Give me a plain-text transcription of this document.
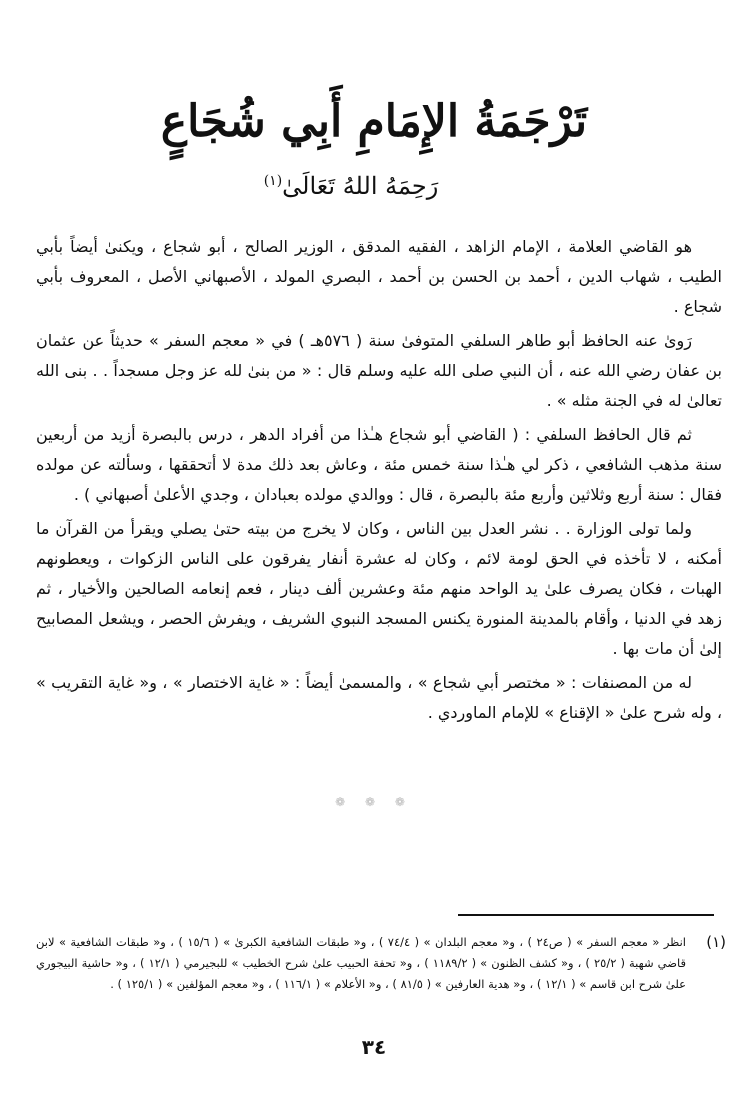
تَرْجَمَةُ الإِمَامِ أَبِي شُجَاعٍ
رَحِمَهُ اللهُ تَعَالَىٰ$^{(١)}$

هو القاضي العلامة ، الإمام الزاهد ، الفقيه المدقق ، الوزير الصالح ، أبو شجاع ، ويكنىٰ أيضاً بأبي الطيب ، شهاب الدين ، أحمد بن الحسن بن أحمد ، البصري المولد ، الأصبهاني الأصل ، المعروف بأبي شجاع .

رَوىٰ عنه الحافظ أبو طاهر السلفي المتوفىٰ سنة ( ٥٧٦هـ ) في « معجم السفر » حديثاً عن عثمان بن عفان رضي الله عنه ، أن النبي صلى الله عليه وسلم قال : « من بنىٰ لله عز وجل مسجداً . . بنى الله تعالىٰ له في الجنة مثله » .

ثم قال الحافظ السلفي : ( القاضي أبو شجاع هـٰذا من أفراد الدهر ، درس بالبصرة أزيد من أربعين سنة مذهب الشافعي ، ذكر لي هـٰذا سنة خمس مئة ، وعاش بعد ذلك مدة لا أتحققها ، وسألته عن مولده فقال : سنة أربع وثلاثين وأربع مئة بالبصرة ، قال : ووالدي مولده بعبادان ، وجدي الأعلىٰ أصبهاني ) .

ولما تولى الوزارة . . نشر العدل بين الناس ، وكان لا يخرج من بيته حتىٰ يصلي ويقرأ من القرآن ما أمكنه ، لا تأخذه في الحق لومة لائم ، وكان له عشرة أنفار يفرقون على الناس الزكوات ، ويعطونهم الهبات ، فكان يصرف علىٰ يد الواحد منهم مئة وعشرين ألف دينار ، فعم إنعامه الصالحين والأخيار ، ثم زهد في الدنيا ، وأقام بالمدينة المنورة يكنس المسجد النبوي الشريف ، ويفرش الحصر ، ويشعل المصابيح إلىٰ أن مات بها .

له من المصنفات : « مختصر أبي شجاع » ، والمسمىٰ أيضاً : « غاية الاختصار » ، و« غاية التقريب » ، وله شرح علىٰ « الإقناع » للإمام الماوردي .

❁ ❁ ❁
(١)
انظر « معجم السفر » ( ص٢٤ ) ، و« معجم البلدان » ( ٧٤/٤ ) ، و« طبقات الشافعية الكبرىٰ » ( ١٥/٦ ) ، و« طبقات الشافعية » لابن قاضي شهبة ( ٢٥/٢ ) ، و« كشف الظنون » ( ١١٨٩/٢ ) ، و« تحفة الحبيب علىٰ شرح الخطيب » للبجيرمي ( ١٢/١ ) ، و« حاشية البيجوري علىٰ شرح ابن قاسم » ( ١٢/١ ) ، و« هدية العارفين » ( ٨١/٥ ) ، و« الأعلام » ( ١١٦/١ ) ، و« معجم المؤلفين » ( ١٢٥/١ ) .
٣٤
